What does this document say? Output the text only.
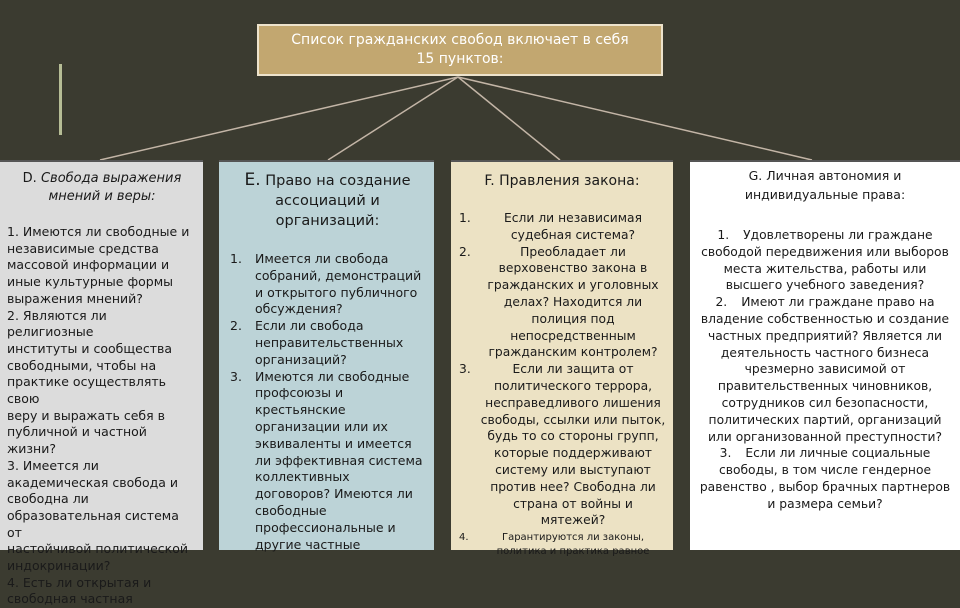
Список гражданских свобод включает в себя
15 пунктов:
D. Свобода выражения
мнений и веры:
1. Имеются ли свободные и
независимые средства
массовой информации и
иные культурные формы
выражения мнений?
2. Являются ли религиозные
институты и сообщества
свободными, чтобы на
практике осуществлять свою
веру и выражать себя в
публичной и частной жизни?
3. Имеется ли
академическая свобода и
свободна ли
образовательная система от
настойчивой политической
индокринации?
4. Есть ли открытая и
свободная частная
E. Право на создание
ассоциаций и
организаций:
1. Имеется ли свобода собраний, демонстраций и открытого публичного обсуждения?
2. Если ли свобода неправительственных организаций?
3. Имеются ли свободные профсоюзы и крестьянские организации или их эквиваленты и имеется ли эффективная система коллективных договоров? Имеются ли свободные профессиональные и другие частные
F. Правления закона:
1.	Если ли независимая судебная система?
2.	Преобладает ли верховенство закона в гражданских и уголовных делах? Находится ли полиция под непосредственным гражданским контролем?
3.	Если ли защита от политического террора, несправедливого лишения свободы, ссылки или пыток, будь то со стороны групп, которые поддерживают систему или выступают против нее? Свободна ли страна от войны и мятежей?
4.	Гарантируются ли законы, политика и практика равное
G. Личная автономия и
индивидуальные права:
1. Удовлетворены ли граждане свободой передвижения или выборов места жительства, работы или высшего учебного заведения?
2. Имеют ли граждане право на владение собственностью и создание частных предприятий? Является ли деятельность частного бизнеса чрезмерно зависимой от правительственных чиновников, сотрудников сил безопасности, политических партий, организаций или организованной преступности?
3. Если ли личные социальные свободы, в том числе гендерное равенство , выбор брачных партнеров и размера семьи?
